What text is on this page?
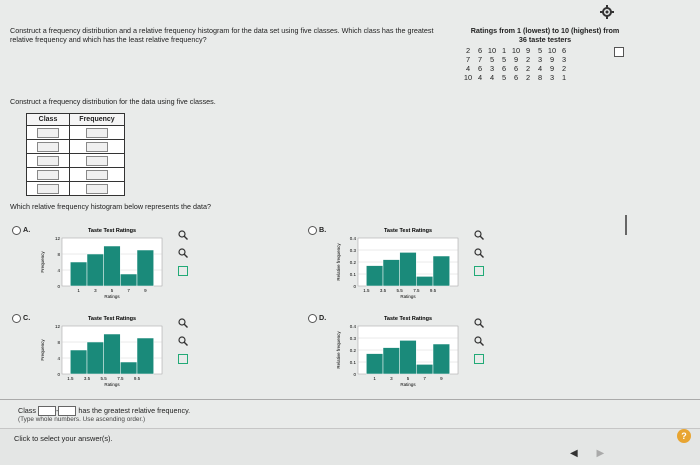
Construct a frequency distribution and a relative frequency histogram for the data set using five classes. Which class has the greatest relative frequency and which has the least relative frequency?
Ratings from 1 (lowest) to 10 (highest) from 36 taste testers
2	6	10	1	10	9	5	10	6
7	7	5	5	9	2	3	9	3
4	6	3	6	6	2	4	9	2
10	4	4	5	6	2	8	3	1
Construct a frequency distribution for the data using five classes.
Class	Frequency

Which relative frequency histogram below represents the data?
A.	Taste Test Ratings
0
4
8
12
1	3	5	7	9
Ratings
Frequency
B.	Taste Test Ratings
0
0.1
0.2
0.3
0.4
1.5 3.5 5.5 7.5 9.5
Ratings
Relative frequency
C.	Taste Test Ratings
0
4
8
12
1.5 3.5 5.5 7.5 9.5
Ratings
Frequency
D.	Taste Test Ratings
0
0.1
0.2
0.3
0.4
1	3	5	7	9
Ratings
Relative frequency
Class	-	has the greatest relative frequency.
(Type whole numbers. Use ascending order.)
Click to select your answer(s).	?
◀ ▶
